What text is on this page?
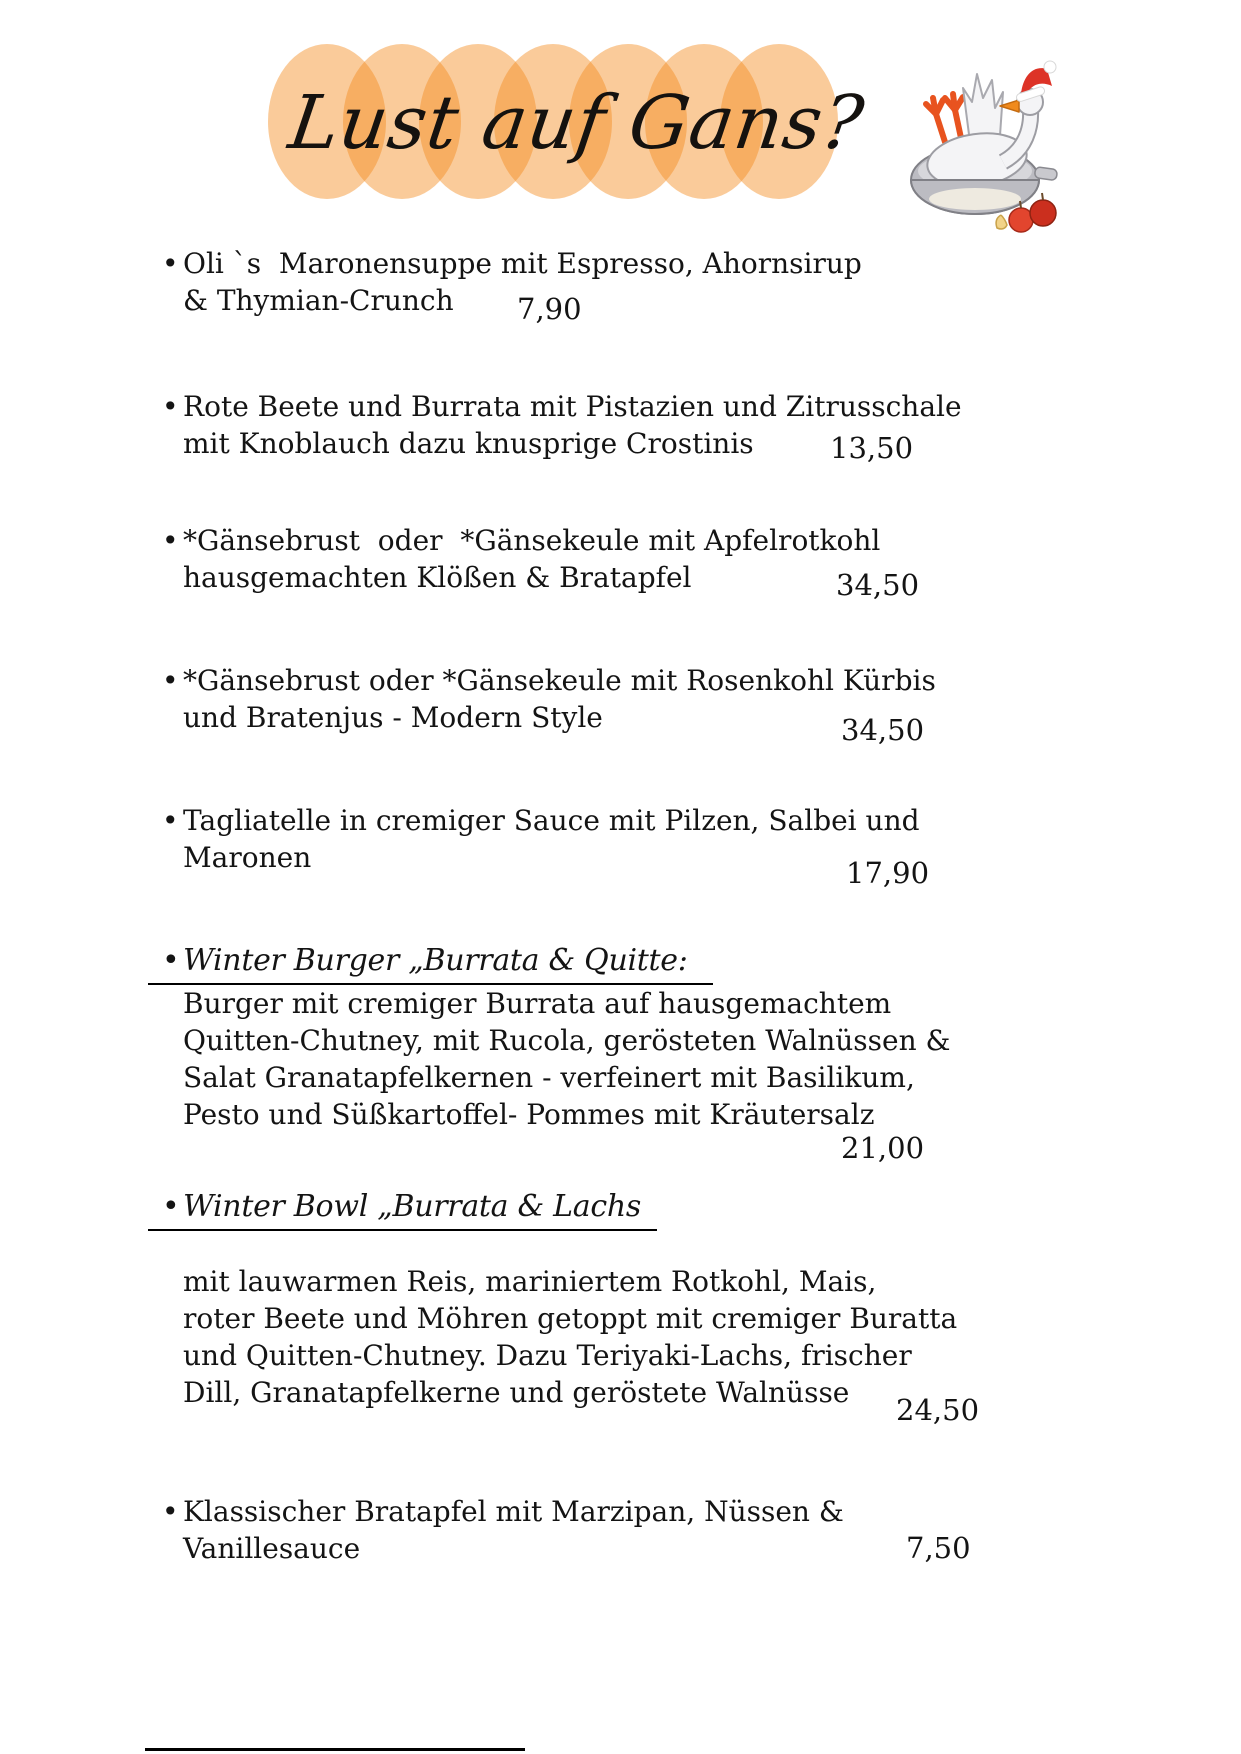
Lust auf Gans?
• Oli `s  Maronensuppe mit Espresso, Ahornsirup
& Thymian-Crunch	7,90
• Rote Beete und Burrata mit Pistazien und Zitrusschale
mit Knoblauch dazu knusprige Crostinis	13,50
• *Gänsebrust  oder  *Gänsekeule mit Apfelrotkohl
hausgemachten Klößen & Bratapfel	34,50
• *Gänsebrust oder *Gänsekeule mit Rosenkohl Kürbis
und Bratenjus - Modern Style	34,50
• Tagliatelle in cremiger Sauce mit Pilzen, Salbei und
Maronen	17,90
• Winter Burger „Burrata & Quitte:
Burger mit cremiger Burrata auf hausgemachtem
Quitten-Chutney, mit Rucola, gerösteten Walnüssen &
Salat Granatapfelkernen - verfeinert mit Basilikum,
Pesto und Süßkartoffel- Pommes mit Kräutersalz
21,00
• Winter Bowl „Burrata & Lachs
mit lauwarmen Reis, mariniertem Rotkohl, Mais,
roter Beete und Möhren getoppt mit cremiger Buratta
und Quitten-Chutney. Dazu Teriyaki-Lachs, frischer
Dill, Granatapfelkerne und geröstete Walnüsse
24,50
• Klassischer Bratapfel mit Marzipan, Nüssen &
Vanillesauce	7,50
